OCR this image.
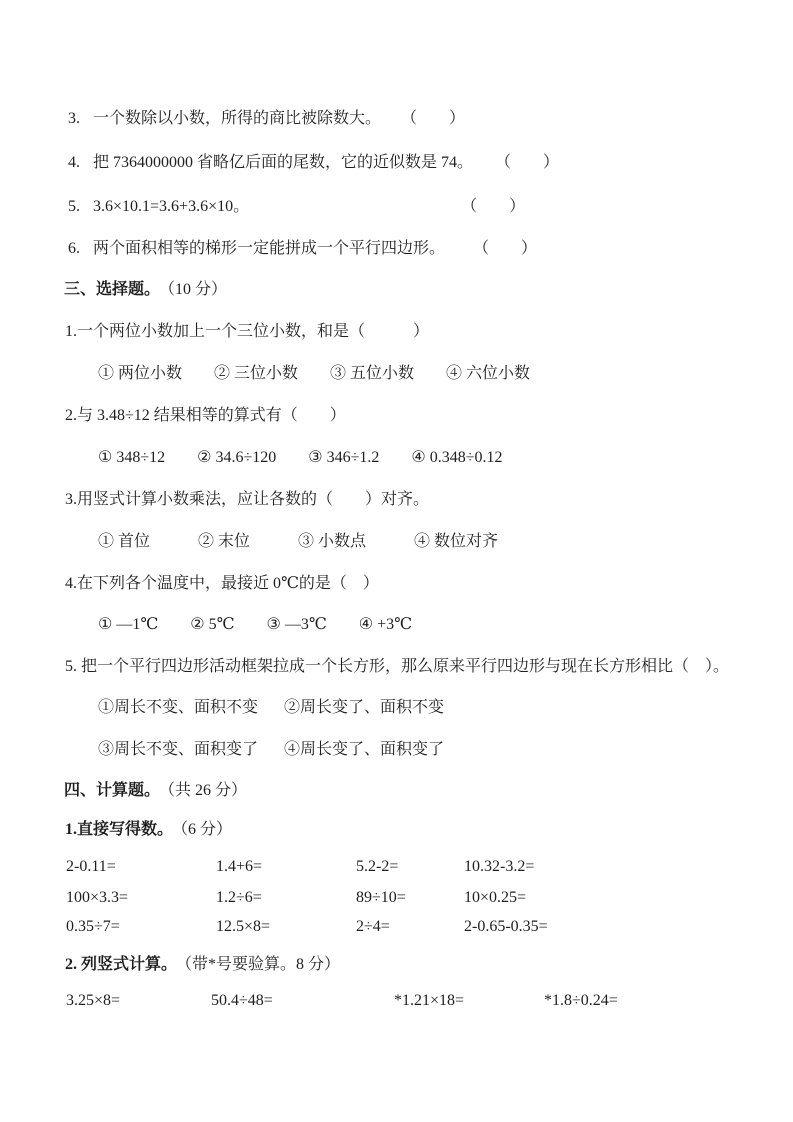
3. 一个数除以小数，所得的商比被除数大。 （　　）
4. 把 7364000000 省略亿后面的尾数，它的近似数是 74。 （　　）
5. 3.6×10.1=3.6+3.6×10。	（　　）
6. 两个面积相等的梯形一定能拼成一个平行四边形。 （　　）
三、选择题。 （10 分）
1.一个两位小数加上一个三位小数，和是（　　　）
① 两位小数 ② 三位小数 ③ 五位小数 ④ 六位小数
2.与 3.48÷12 结果相等的算式有（　　）
① 348÷12 ② 34.6÷120 ③ 346÷1.2 ④ 0.348÷0.12
3.用竖式计算小数乘法，应让各数的（　　）对齐。
① 首位	② 末位	③ 小数点	④ 数位对齐
4.在下列各个温度中，最接近 0℃的是（　）
① —1℃ ② 5℃ ③ —3℃ ④ +3℃
5. 把一个平行四边形活动框架拉成一个长方形，那么原来平行四边形与现在长方形相比（　）。
①周长不变、面积不变	②周长变了、面积不变
③周长不变、面积变了	④周长变了、面积变了
四、计算题。 （共 26 分）
1.直接写得数。 （6 分）
2-0.11=	1.4+6=	5.2-2=	10.32-3.2=
100×3.3=	1.2÷6=	89÷10=	10×0.25=
0.35÷7=	12.5×8=	2÷4=	2-0.65-0.35=
2. 列竖式计算。 （带*号要验算。8 分）
3.25×8=	50.4÷48=	*1.21×18=	*1.8÷0.24=
